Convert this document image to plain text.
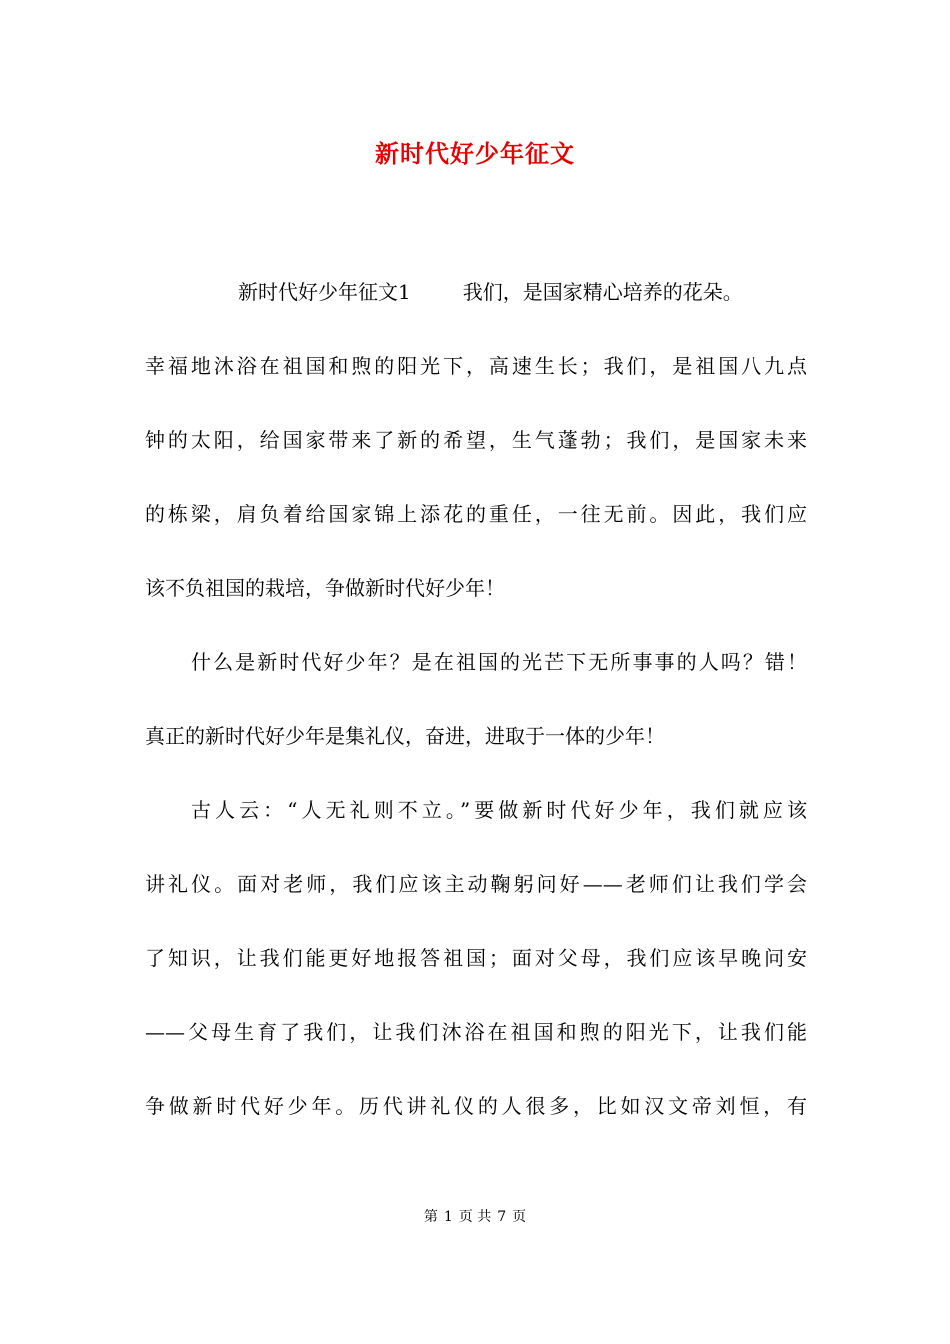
新时代好少年征文
新时代好少年征文1	我们，是国家精心培养的花朵。
幸福地沐浴在祖国和煦的阳光下，高速生长；我们，是祖国八九点
钟的太阳，给国家带来了新的希望，生气蓬勃；我们，是国家未来
的栋梁，肩负着给国家锦上添花的重任，一往无前。因此，我们应
该不负祖国的栽培，争做新时代好少年！
什么是新时代好少年？是在祖国的光芒下无所事事的人吗？错！
真正的新时代好少年是集礼仪，奋进，进取于一体的少年！
古人云：“人无礼则不立。”要做新时代好少年，我们就应该
讲礼仪。面对老师，我们应该主动鞠躬问好——老师们让我们学会
了知识，让我们能更好地报答祖国；面对父母，我们应该早晚问安
——父母生育了我们，让我们沐浴在祖国和煦的阳光下，让我们能
争做新时代好少年。历代讲礼仪的人很多，比如汉文帝刘恒，有
第 1 页 共 7 页
